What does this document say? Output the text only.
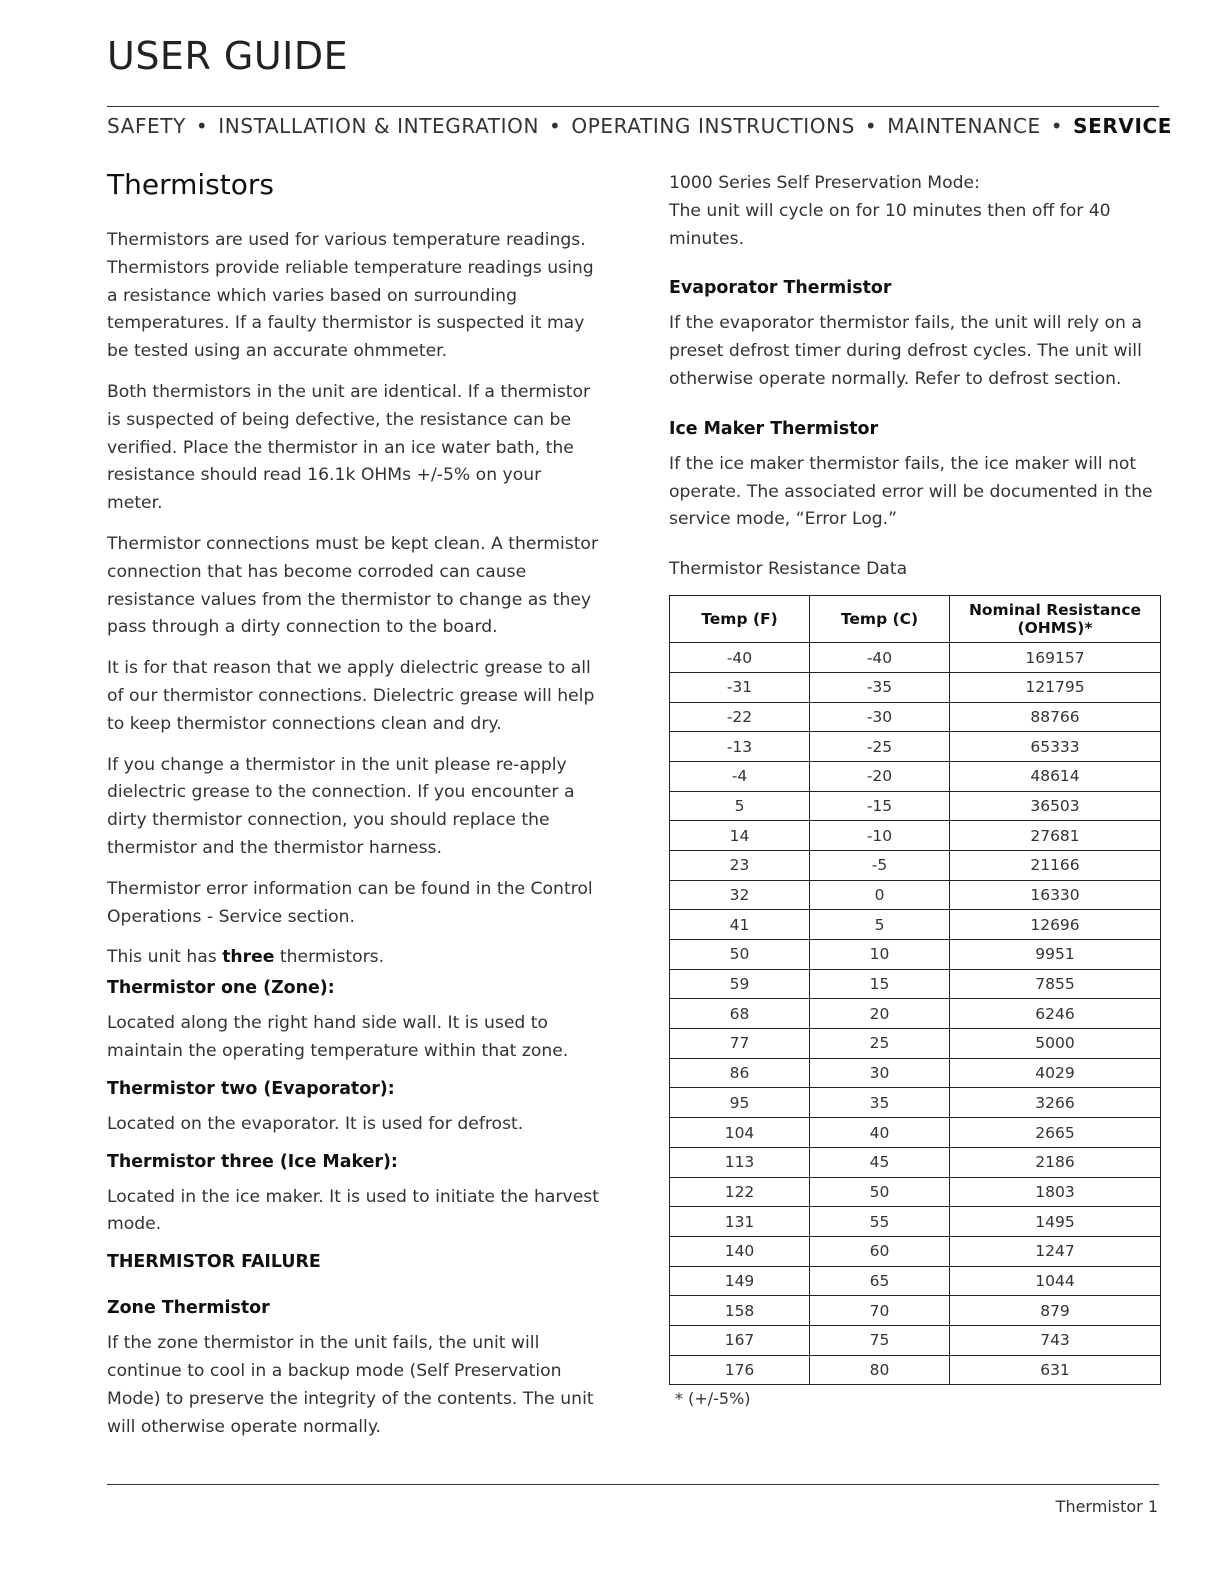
USER GUIDE
SAFETY • INSTALLATION & INTEGRATION • OPERATING INSTRUCTIONS • MAINTENANCE • SERVICE
Thermistors

Thermistors are used for various temperature readings. Thermistors provide reliable temperature readings using a resistance which varies based on surrounding temperatures. If a faulty thermistor is suspected it may be tested using an accurate ohmmeter.

Both thermistors in the unit are identical. If a thermistor is suspected of being defective, the resistance can be verified. Place the thermistor in an ice water bath, the resistance should read 16.1k OHMs +/-5% on your meter.

Thermistor connections must be kept clean. A thermistor connection that has become corroded can cause resistance values from the thermistor to change as they pass through a dirty connection to the board.

It is for that reason that we apply dielectric grease to all of our thermistor connections. Dielectric grease will help to keep thermistor connections clean and dry.

If you change a thermistor in the unit please re-apply dielectric grease to the connection. If you encounter a dirty thermistor connection, you should replace the thermistor and the thermistor harness.

Thermistor error information can be found in the Control Operations - Service section.

This unit has three thermistors.

Thermistor one (Zone):

Located along the right hand side wall. It is used to maintain the operating temperature within that zone.

Thermistor two (Evaporator):

Located on the evaporator. It is used for defrost.

Thermistor three (Ice Maker):

Located in the ice maker. It is used to initiate the harvest mode.

THERMISTOR FAILURE
Zone Thermistor

If the zone thermistor in the unit fails, the unit will continue to cool in a backup mode (Self Preservation Mode) to preserve the integrity of the contents. The unit will otherwise operate normally.

1000 Series Self Preservation Mode:

The unit will cycle on for 10 minutes then off for 40 minutes.

Evaporator Thermistor

If the evaporator thermistor fails, the unit will rely on a preset defrost timer during defrost cycles. The unit will otherwise operate normally. Refer to defrost section.

Ice Maker Thermistor

If the ice maker thermistor fails, the ice maker will not operate. The associated error will be documented in the service mode, “Error Log.”

Thermistor Resistance Data
Temp (F)	Temp (C)	Nominal Resistance (OHMS)*
-40	-40	169157
-31	-35	121795
-22	-30	88766
-13	-25	65333
-4	-20	48614
5	-15	36503
14	-10	27681
23	-5	21166
32	0	16330
41	5	12696
50	10	9951
59	15	7855
68	20	6246
77	25	5000
86	30	4029
95	35	3266
104	40	2665
113	45	2186
122	50	1803
131	55	1495
140	60	1247
149	65	1044
158	70	879
167	75	743
176	80	631
* (+/-5%)
Thermistor 1
